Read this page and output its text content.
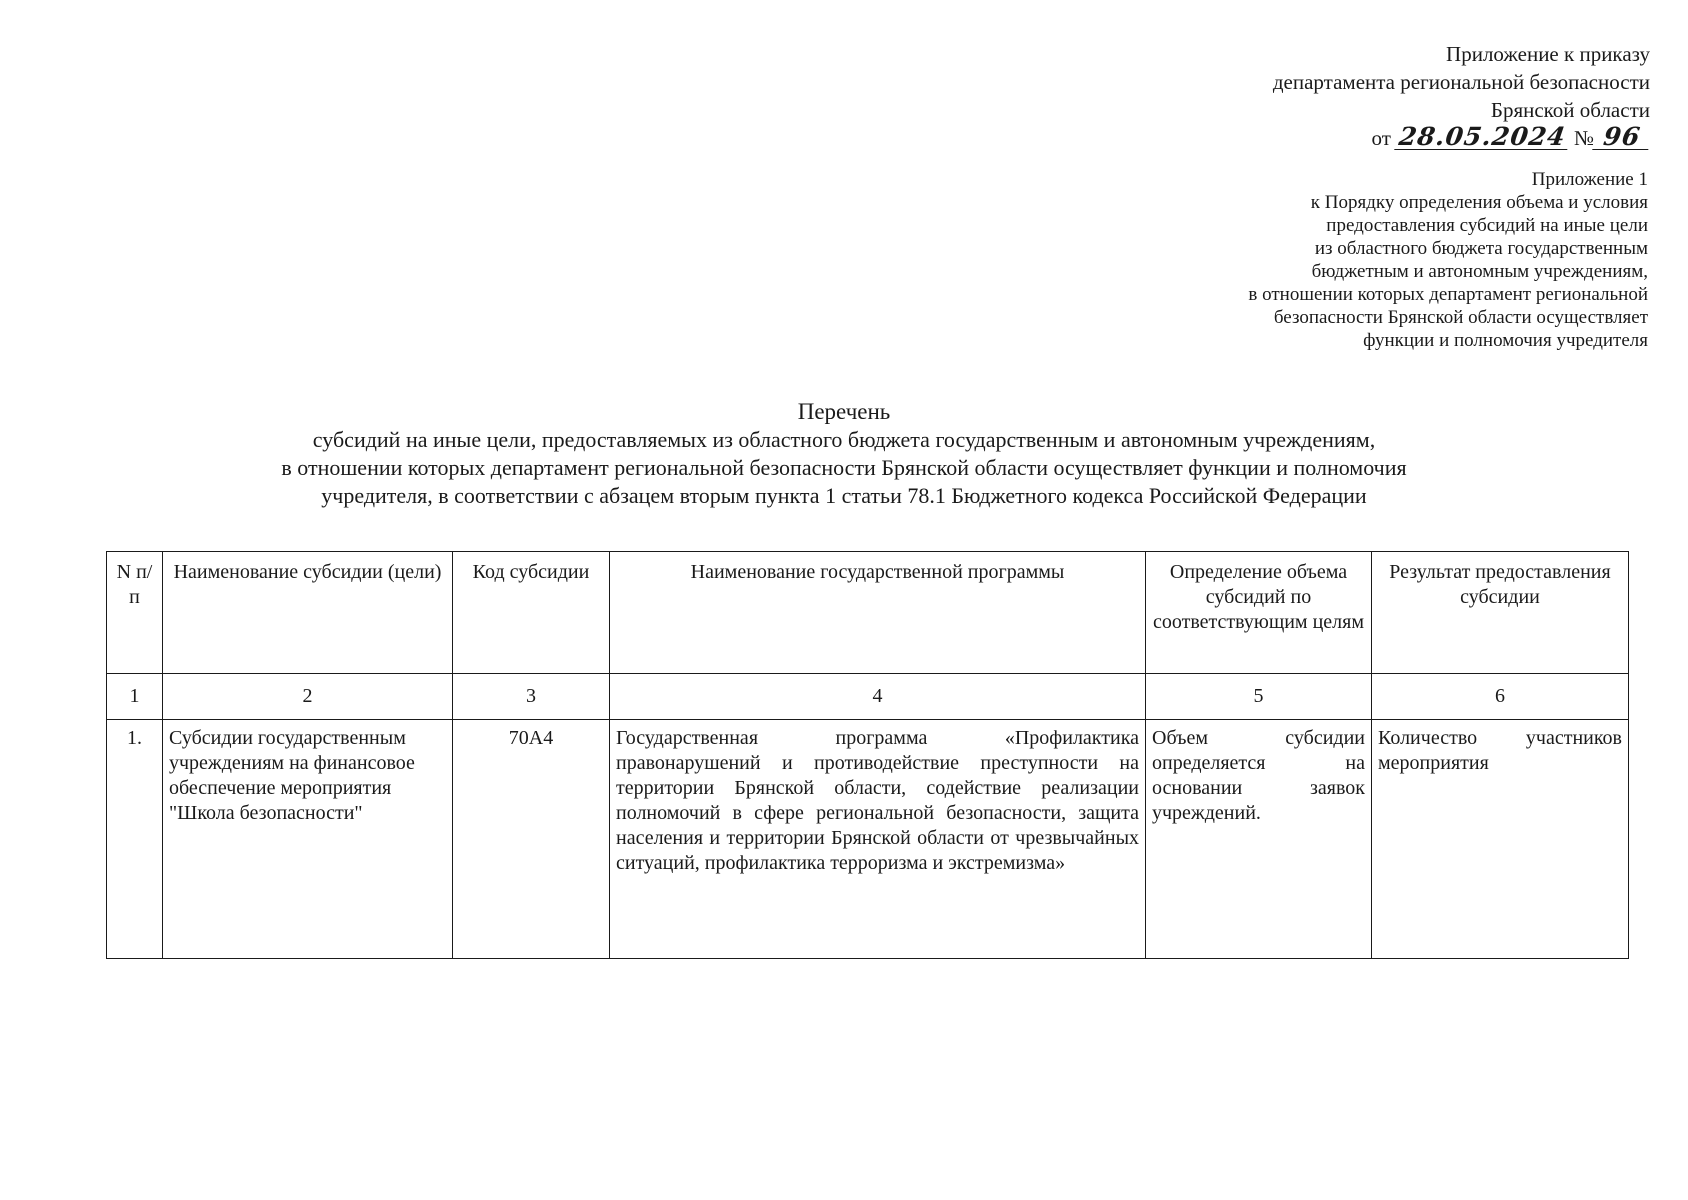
Приложение к приказу
департамента региональной безопасности
Брянской области
от 28.05.2024 № 96
Приложение 1
к Порядку определения объема и условия
предоставления субсидий на иные цели
из областного бюджета государственным
бюджетным и автономным учреждениям,
в отношении которых департамент региональной
безопасности Брянской области осуществляет
функции и полномочия учредителя
Перечень
субсидий на иные цели, предоставляемых из областного бюджета государственным и автономным учреждениям,
в отношении которых департамент региональной безопасности Брянской области осуществляет функции и полномочия
учредителя, в соответствии с абзацем вторым пункта 1 статьи 78.1 Бюджетного кодекса Российской Федерации
N п/п	Наименование субсидии (цели)	Код субсидии	Наименование государственной программы	Определение объема субсидий по соответствующим целям	Результат предоставления субсидии
1	2	3	4	5	6
1.	Субсидии государственным учреждениям на финансовое обеспечение мероприятия "Школа безопасности"	70А4	Государственная программа «Профилактика правонарушений и противодействие преступности на территории Брянской области, содействие реализации полномочий в сфере региональной безопасности, защита населения и территории Брянской области от чрезвычайных ситуаций, профилактика терроризма и экстремизма»	Объем субсидии определяется на основании заявок учреждений.	Количество участников мероприятия
